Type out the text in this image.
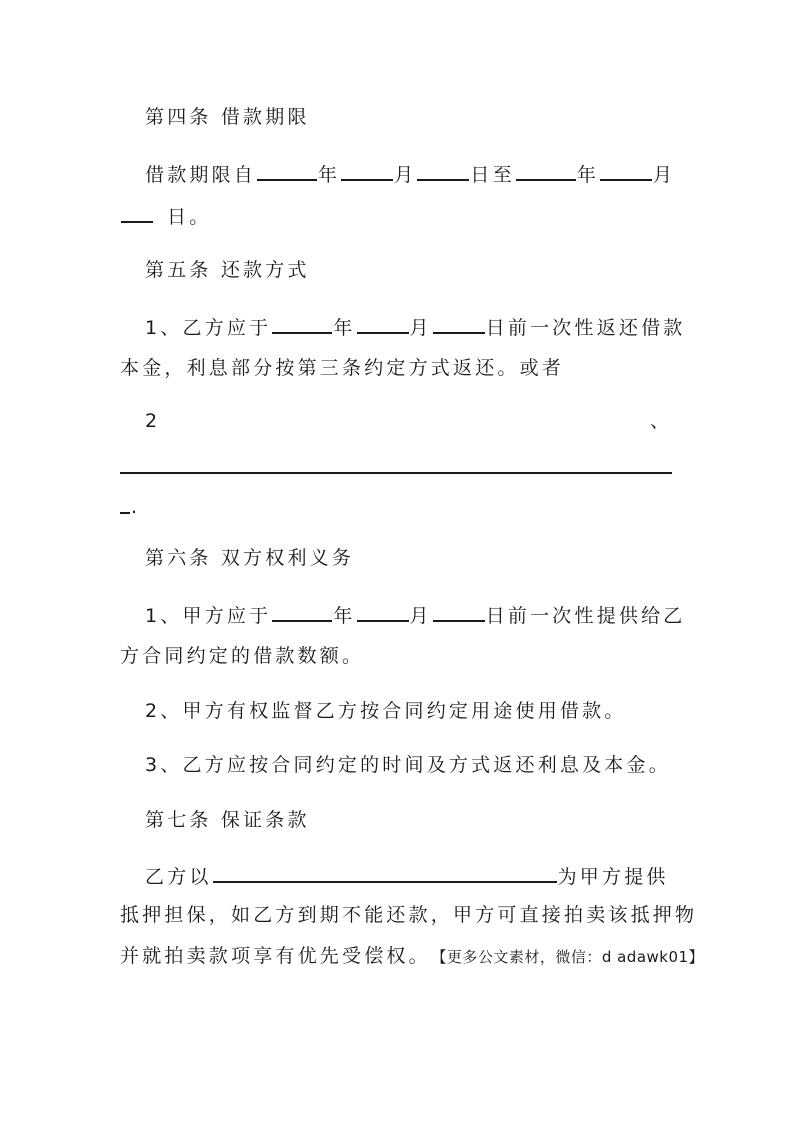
第四条 借款期限
借款期限自	年	月	日至	年	月
日。
第五条 还款方式
1、乙方应于	年	月	日前一次性返还借款
本金，利息部分按第三条约定方式返还。或者
2	、
.
第六条 双方权利义务
1、甲方应于	年	月	日前一次性提供给乙
方合同约定的借款数额。
2、甲方有权监督乙方按合同约定用途使用借款。
3、乙方应按合同约定的时间及方式返还利息及本金。
第七条 保证条款
乙方以	为甲方提供
抵押担保，如乙方到期不能还款，甲方可直接拍卖该抵押物
并就拍卖款项享有优先受偿权。 【更多公文素材，微信：d adawk01】
